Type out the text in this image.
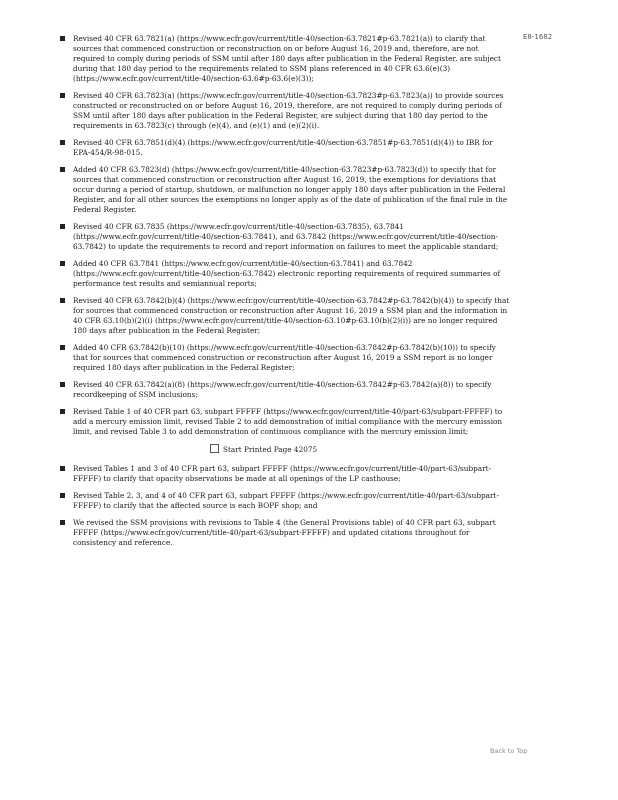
E8-1682
Revised 40 CFR 63.7821(a) (https://www.ecfr.gov/current/title-40/section-63.7821#p-63.7821(a)) to clarify that sources that commenced construction or reconstruction on or before August 16, 2019 and, therefore, are not required to comply during periods of SSM until after 180 days after publication in the Federal Register, are subject during that 180 day period to the requirements related to SSM plans referenced in 40 CFR 63.6(e)(3) (https://www.ecfr.gov/current/title-40/section-63.6#p-63.6(e)(3));
Revised 40 CFR 63.7823(a) (https://www.ecfr.gov/current/title-40/section-63.7823#p-63.7823(a)) to provide sources constructed or reconstructed on or before August 16, 2019, therefore, are not required to comply during periods of SSM until after 180 days after publication in the Federal Register, are subject during that 180 day period to the requirements in 63.7823(c) through (e)(4), and (e)(1) and (e)(2)(i).
Revised 40 CFR 63.7851(d)(4) (https://www.ecfr.gov/current/title-40/section-63.7851#p-63.7851(d)(4)) to IBR for EPA-454/R-98-015.
Added 40 CFR 63.7823(d) (https://www.ecfr.gov/current/title-40/section-63.7823#p-63.7823(d)) to specify that for sources that commenced construction or reconstruction after August 16, 2019, the exemptions for deviations that occur during a period of startup, shutdown, or malfunction no longer apply 180 days after publication in the Federal Register, and for all other sources the exemptions no longer apply as of the date of publication of the final rule in the Federal Register.
Revised 40 CFR 63.7835 (https://www.ecfr.gov/current/title-40/section-63.7835), 63.7841 (https://www.ecfr.gov/current/title-40/section-63.7841), and 63.7842 (https://www.ecfr.gov/current/title-40/section-63.7842) to update the requirements to record and report information on failures to meet the applicable standard;
Added 40 CFR 63.7841 (https://www.ecfr.gov/current/title-40/section-63.7841) and 63.7842 (https://www.ecfr.gov/current/title-40/section-63.7842) electronic reporting requirements of required summaries of performance test results and semiannual reports;
Revised 40 CFR 63.7842(b)(4) (https://www.ecfr.gov/current/title-40/section-63.7842#p-63.7842(b)(4)) to specify that for sources that commenced construction or reconstruction after August 16, 2019 a SSM plan and the information in 40 CFR 63.10(b)(2)(i) (https://www.ecfr.gov/current/title-40/section-63.10#p-63.10(b)(2)(i)) are no longer required 180 days after publication in the Federal Register;
Added 40 CFR 63.7842(b)(10) (https://www.ecfr.gov/current/title-40/section-63.7842#p-63.7842(b)(10)) to specify that for sources that commenced construction or reconstruction after August 16, 2019 a SSM report is no longer required 180 days after publication in the Federal Register;
Revised 40 CFR 63.7842(a)(8) (https://www.ecfr.gov/current/title-40/section-63.7842#p-63.7842(a)(8)) to specify recordkeeping of SSM inclusions;
Revised Table 1 of 40 CFR part 63, subpart FFFFF (https://www.ecfr.gov/current/title-40/part-63/subpart-FFFFF) to add a mercury emission limit, revised Table 2 to add demonstration of initial compliance with the mercury emission limit, and revised Table 3 to add demonstration of continuous compliance with the mercury emission limit;
Start Printed Page 42075
Revised Tables 1 and 3 of 40 CFR part 63, subpart FFFFF (https://www.ecfr.gov/current/title-40/part-63/subpart-FFFFF) to clarify that opacity observations be made at all openings of the LP casthouse;
Revised Table 2, 3, and 4 of 40 CFR part 63, subpart FFFFF (https://www.ecfr.gov/current/title-40/part-63/subpart-FFFFF) to clarify that the affected source is each BOPF shop; and
We revised the SSM provisions with revisions to Table 4 (the General Provisions table) of 40 CFR part 63, subpart FFFFF (https://www.ecfr.gov/current/title-40/part-63/subpart-FFFFF) and updated citations throughout for consistency and reference.
Back to Top
